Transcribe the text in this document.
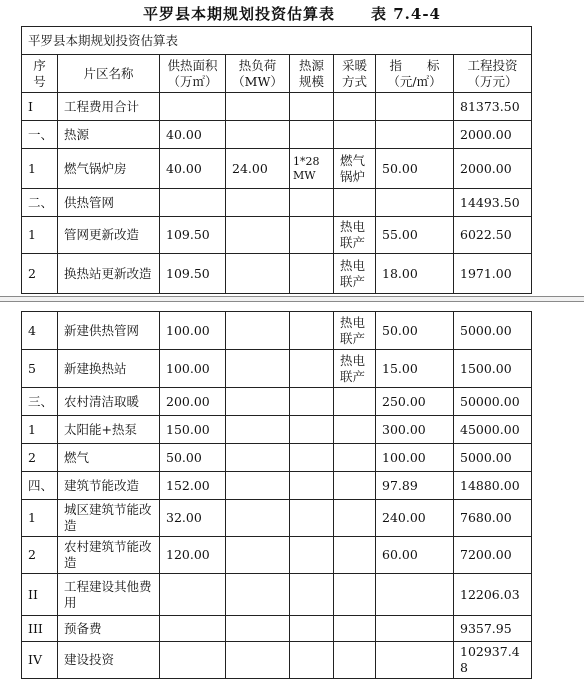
平罗县本期规划投资估算表 表 7.4-4
平罗县本期规划投资估算表							
序号	片区名称	供热面积（万㎡）	热负荷（MW）	热源规模	采暖方式	指　　标（元/㎡）	工程投资（万元）
I	工程费用合计						81373.50
一、	热源	40.00					2000.00
1	燃气锅炉房	40.00	24.00	1*28MW	燃气锅炉	50.00	2000.00
二、	供热管网						14493.50
1	管网更新改造	109.50			热电联产	55.00	6022.50
2	换热站更新改造	109.50			热电联产	18.00	1971.00
4	新建供热管网	100.00			热电联产	50.00	5000.00
5	新建换热站	100.00			热电联产	15.00	1500.00
三、	农村清洁取暖	200.00				250.00	50000.00
1	太阳能+热泵	150.00				300.00	45000.00
2	燃气	50.00				100.00	5000.00
四、	建筑节能改造	152.00				97.89	14880.00
1	城区建筑节能改造	32.00				240.00	7680.00
2	农村建筑节能改造	120.00				60.00	7200.00
II	工程建设其他费用						12206.03
III	预备费						9357.95
IV	建设投资						102937.48
